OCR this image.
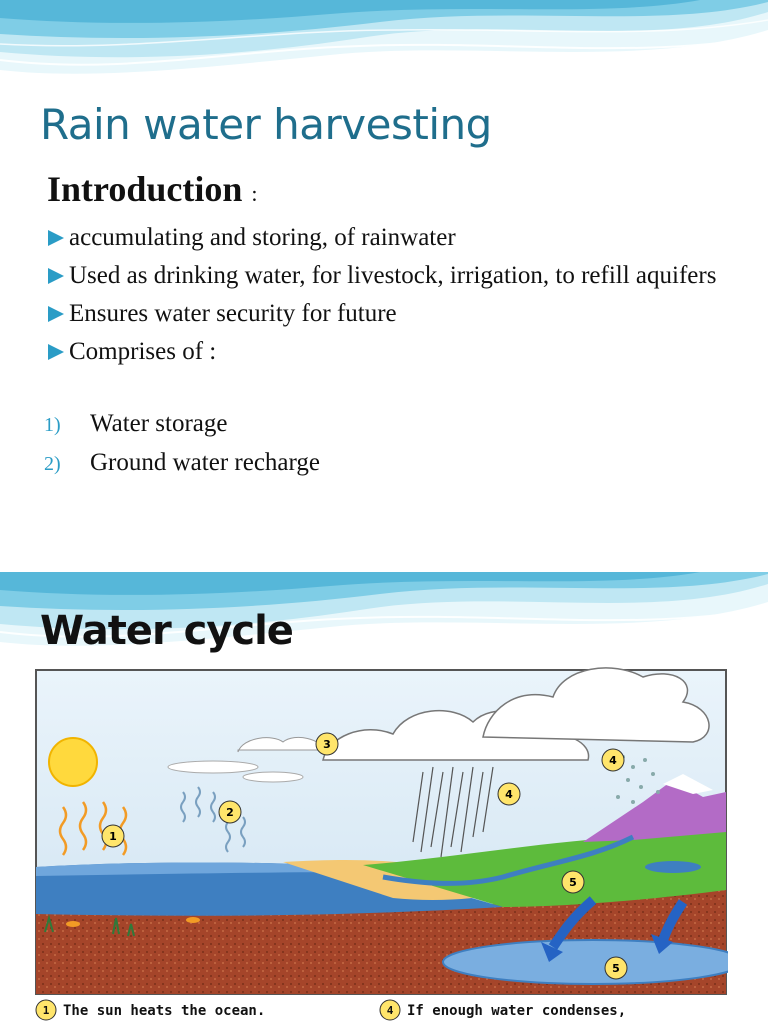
Rain water harvesting
Introduction :
accumulating and storing, of rainwater
Used as drinking water, for livestock, irrigation, to refill aquifers
Ensures water security for future
Comprises of :
1) Water storage
2) Ground water recharge
Water cycle
1
2
3
4
4
5
5
1 The sun heats the ocean.	4 If enough water condenses,
